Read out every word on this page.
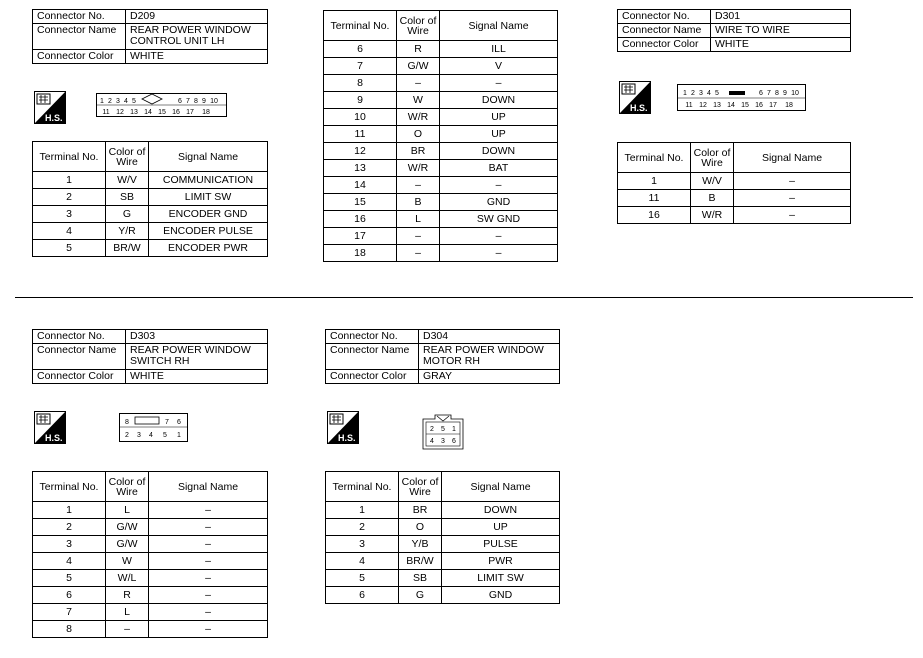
Connector No.	D209
Connector Name	REAR POWER WINDOW
CONTROL UNIT LH
Connector Color	WHITE
H.S.
1 2 3 4 5	6 7 8 9 10
11 12 13 14 15 16 17 18
Terminal No.	Color of Wire	Signal Name
1	W/V	COMMUNICATION
2	SB	LIMIT SW
3	G	ENCODER GND
4	Y/R	ENCODER PULSE
5	BR/W	ENCODER PWR
Terminal No.	Color of Wire	Signal Name
6	R	ILL
7	G/W	V
8	–	–
9	W	DOWN
10	W/R	UP
11	O	UP
12	BR	DOWN
13	W/R	BAT
14	–	–
15	B	GND
16	L	SW GND
17	–	–
18	–	–
Connector No.	D301
Connector Name	WIRE TO WIRE
Connector Color	WHITE
H.S.
1 2 3 4 5	6 7 8 9 10
11 12 13 14 15 16 17 18
Terminal No.	Color of Wire	Signal Name
1	W/V	–
11	B	–
16	W/R	–
Connector No.	D303
Connector Name	REAR POWER WINDOW
SWITCH RH
Connector Color	WHITE
H.S.
8	7 6
2 3 4 5 1
Terminal No.	Color of Wire	Signal Name
1	L	–
2	G/W	–
3	G/W	–
4	W	–
5	W/L	–
6	R	–
7	L	–
8	–	–
Connector No.	D304
Connector Name	REAR POWER WINDOW
MOTOR RH
Connector Color	GRAY
H.S.
2 5 1
4 3 6
Terminal No.	Color of Wire	Signal Name
1	BR	DOWN
2	O	UP
3	Y/B	PULSE
4	BR/W	PWR
5	SB	LIMIT SW
6	G	GND
